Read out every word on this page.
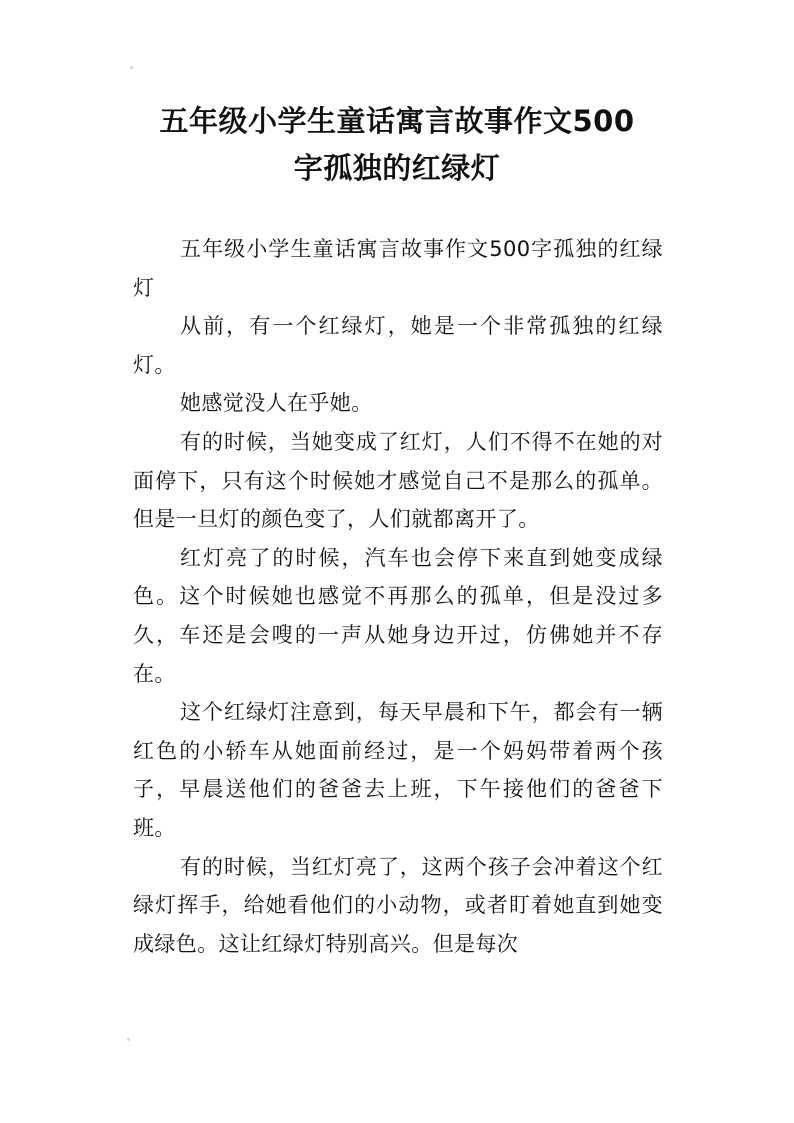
五年级小学生童话寓言故事作文500
字孤独的红绿灯

五年级小学生童话寓言故事作文500字孤独的红绿灯

从前，有一个红绿灯，她是一个非常孤独的红绿灯。

她感觉没人在乎她。

有的时候，当她变成了红灯，人们不得不在她的对面停下，只有这个时候她才感觉自己不是那么的孤单。但是一旦灯的颜色变了，人们就都离开了。

红灯亮了的时候，汽车也会停下来直到她变成绿色。这个时候她也感觉不再那么的孤单，但是没过多久，车还是会嗖的一声从她身边开过，仿佛她并不存在。

这个红绿灯注意到，每天早晨和下午，都会有一辆红色的小轿车从她面前经过，是一个妈妈带着两个孩子，早晨送他们的爸爸去上班，下午接他们的爸爸下班。

有的时候，当红灯亮了，这两个孩子会冲着这个红绿灯挥手，给她看他们的小动物，或者盯着她直到她变成绿色。这让红绿灯特别高兴。但是每次
